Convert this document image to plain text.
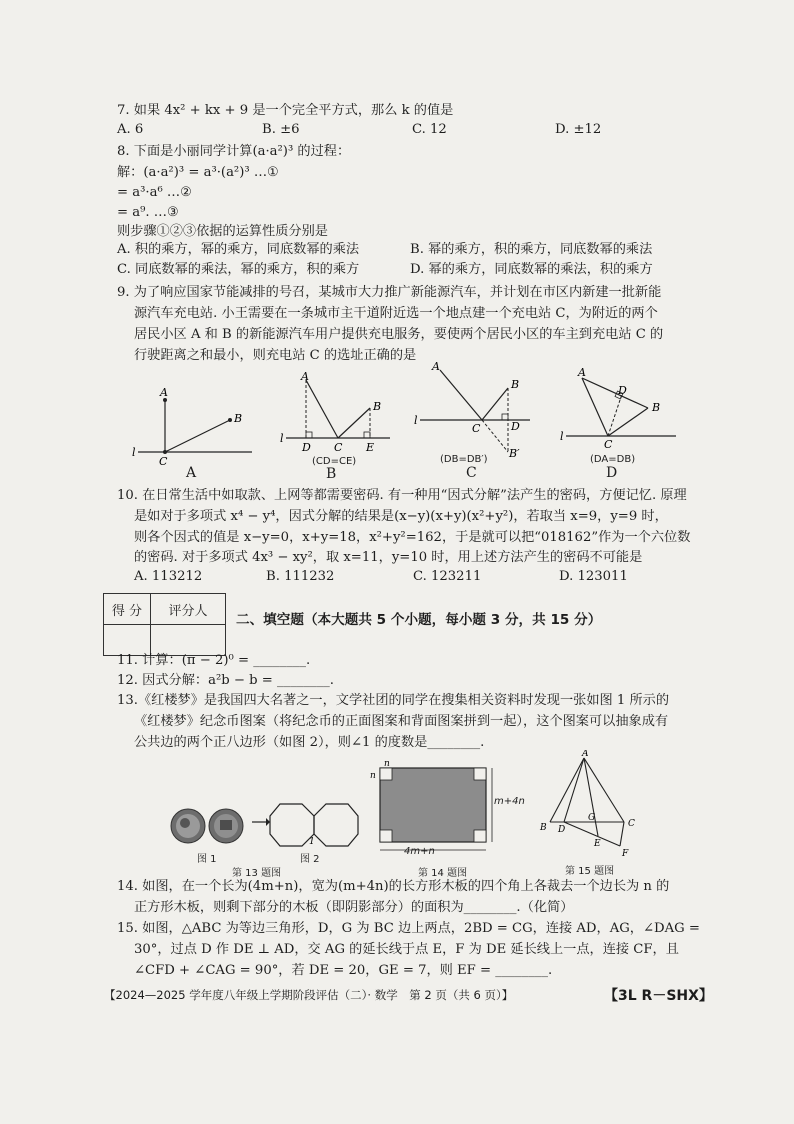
7. 如果 4x² + kx + 9 是一个完全平方式，那么 k 的值是
A. 6	B. ±6	C. 12	D. ±12
8. 下面是小丽同学计算(a·a²)³ 的过程：
解：(a·a²)³ = a³·(a²)³ …①
= a³·a⁶ …②
= a⁹. …③
则步骤①②③依据的运算性质分别是
A. 积的乘方，幂的乘方，同底数幂的乘法	B. 幂的乘方，积的乘方，同底数幂的乘法
C. 同底数幂的乘法，幂的乘方，积的乘方	D. 幂的乘方，同底数幂的乘法，积的乘方
9. 为了响应国家节能减排的号召，某城市大力推广新能源汽车，并计划在市区内新建一批新能
源汽车充电站. 小王需要在一条城市主干道附近选一个地点建一个充电站 C，为附近的两个
居民小区 A 和 B 的新能源汽车用户提供充电服务，要使两个居民小区的车主到充电站 C 的
行驶距离之和最小，则充电站 C 的选址正确的是
A
B
C
l
A
A
B
D C E
l
(CD=CE)
B
A
B
C	D
B′
l
(DB=DB′)
C
A
B
C
D
l
(DA=DB)
D
10. 在日常生活中如取款、上网等都需要密码. 有一种用“因式分解”法产生的密码，方便记忆. 原理
是如对于多项式 x⁴ − y⁴，因式分解的结果是(x−y)(x+y)(x²+y²)，若取当 x=9，y=9 时，
则各个因式的值是 x−y=0，x+y=18，x²+y²=162，于是就可以把“018162”作为一个六位数
的密码. 对于多项式 4x³ − xy²，取 x=11，y=10 时，用上述方法产生的密码不可能是
A. 113212	B. 111232	C. 123211	D. 123011
得 分	评分人

二、填空题（本大题共 5 个小题，每小题 3 分，共 15 分）
11. 计算：(π − 2)⁰ = ________.
12. 因式分解：a²b − b = ________.
13.《红楼梦》是我国四大名著之一，文学社团的同学在搜集相关资料时发现一张如图 1 所示的
《红楼梦》纪念币图案（将纪念币的正面图案和背面图案拼到一起），这个图案可以抽象成有
公共边的两个正八边形（如图 2），则∠1 的度数是________.
图 1
1
图 2
第 13 题图
n
n
m+4n
4m+n
第 14 题图
A
B	C
D
E
F
G
第 15 题图
14. 如图，在一个长为(4m+n)，宽为(m+4n)的长方形木板的四个角上各裁去一个边长为 n 的
正方形木板，则剩下部分的木板（即阴影部分）的面积为________.（化简）
15. 如图，△ABC 为等边三角形，D，G 为 BC 边上两点，2BD = CG，连接 AD，AG，∠DAG =
30°，过点 D 作 DE ⊥ AD，交 AG 的延长线于点 E，F 为 DE 延长线上一点，连接 CF，且
∠CFD + ∠CAG = 90°，若 DE = 20，GE = 7，则 EF = ________.
【2024—2025 学年度八年级上学期阶段评估（二）· 数学　第 2 页（共 6 页）】	【3L R－SHX】
